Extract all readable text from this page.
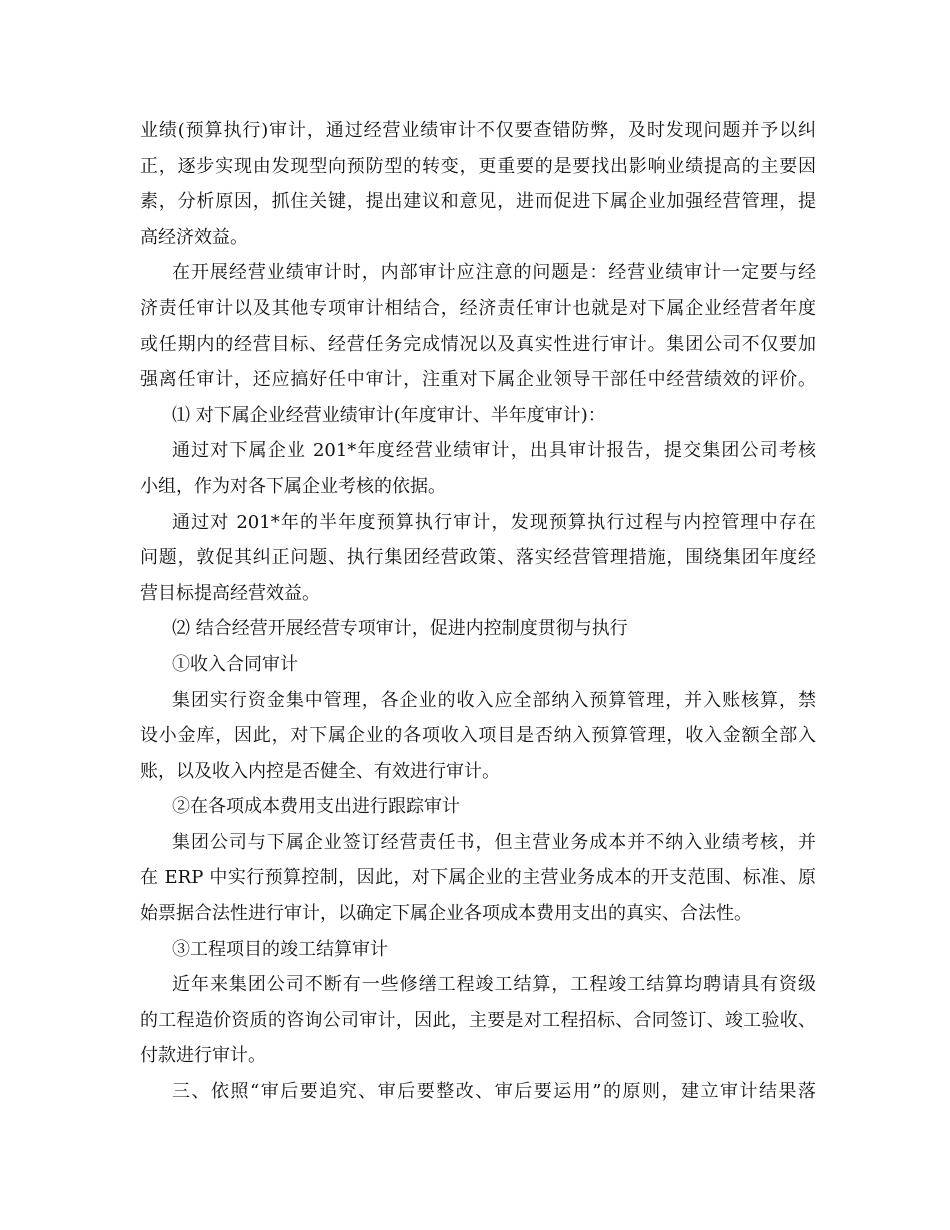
业绩(预算执行)审计，通过经营业绩审计不仅要查错防弊，及时发现问题并予以纠
正，逐步实现由发现型向预防型的转变，更重要的是要找出影响业绩提高的主要因
素，分析原因，抓住关键，提出建议和意见，进而促进下属企业加强经营管理，提
高经济效益。
在开展经营业绩审计时，内部审计应注意的问题是：经营业绩审计一定要与经
济责任审计以及其他专项审计相结合，经济责任审计也就是对下属企业经营者年度
或任期内的经营目标、经营任务完成情况以及真实性进行审计。集团公司不仅要加
强离任审计，还应搞好任中审计，注重对下属企业领导干部任中经营绩效的评价。
⑴ 对下属企业经营业绩审计(年度审计、半年度审计)：
通过对下属企业 201*年度经营业绩审计，出具审计报告，提交集团公司考核
小组，作为对各下属企业考核的依据。
通过对 201*年的半年度预算执行审计，发现预算执行过程与内控管理中存在
问题，敦促其纠正问题、执行集团经营政策、落实经营管理措施，围绕集团年度经
营目标提高经营效益。
⑵ 结合经营开展经营专项审计，促进内控制度贯彻与执行
①收入合同审计
集团实行资金集中管理，各企业的收入应全部纳入预算管理，并入账核算，禁
设小金库，因此，对下属企业的各项收入项目是否纳入预算管理，收入金额全部入
账，以及收入内控是否健全、有效进行审计。
②在各项成本费用支出进行跟踪审计
集团公司与下属企业签订经营责任书，但主营业务成本并不纳入业绩考核，并
在 ERP 中实行预算控制，因此，对下属企业的主营业务成本的开支范围、标准、原
始票据合法性进行审计，以确定下属企业各项成本费用支出的真实、合法性。
③工程项目的竣工结算审计
近年来集团公司不断有一些修缮工程竣工结算，工程竣工结算均聘请具有资级
的工程造价资质的咨询公司审计，因此，主要是对工程招标、合同签订、竣工验收、
付款进行审计。
三、依照“审后要追究、审后要整改、审后要运用”的原则，建立审计结果落
